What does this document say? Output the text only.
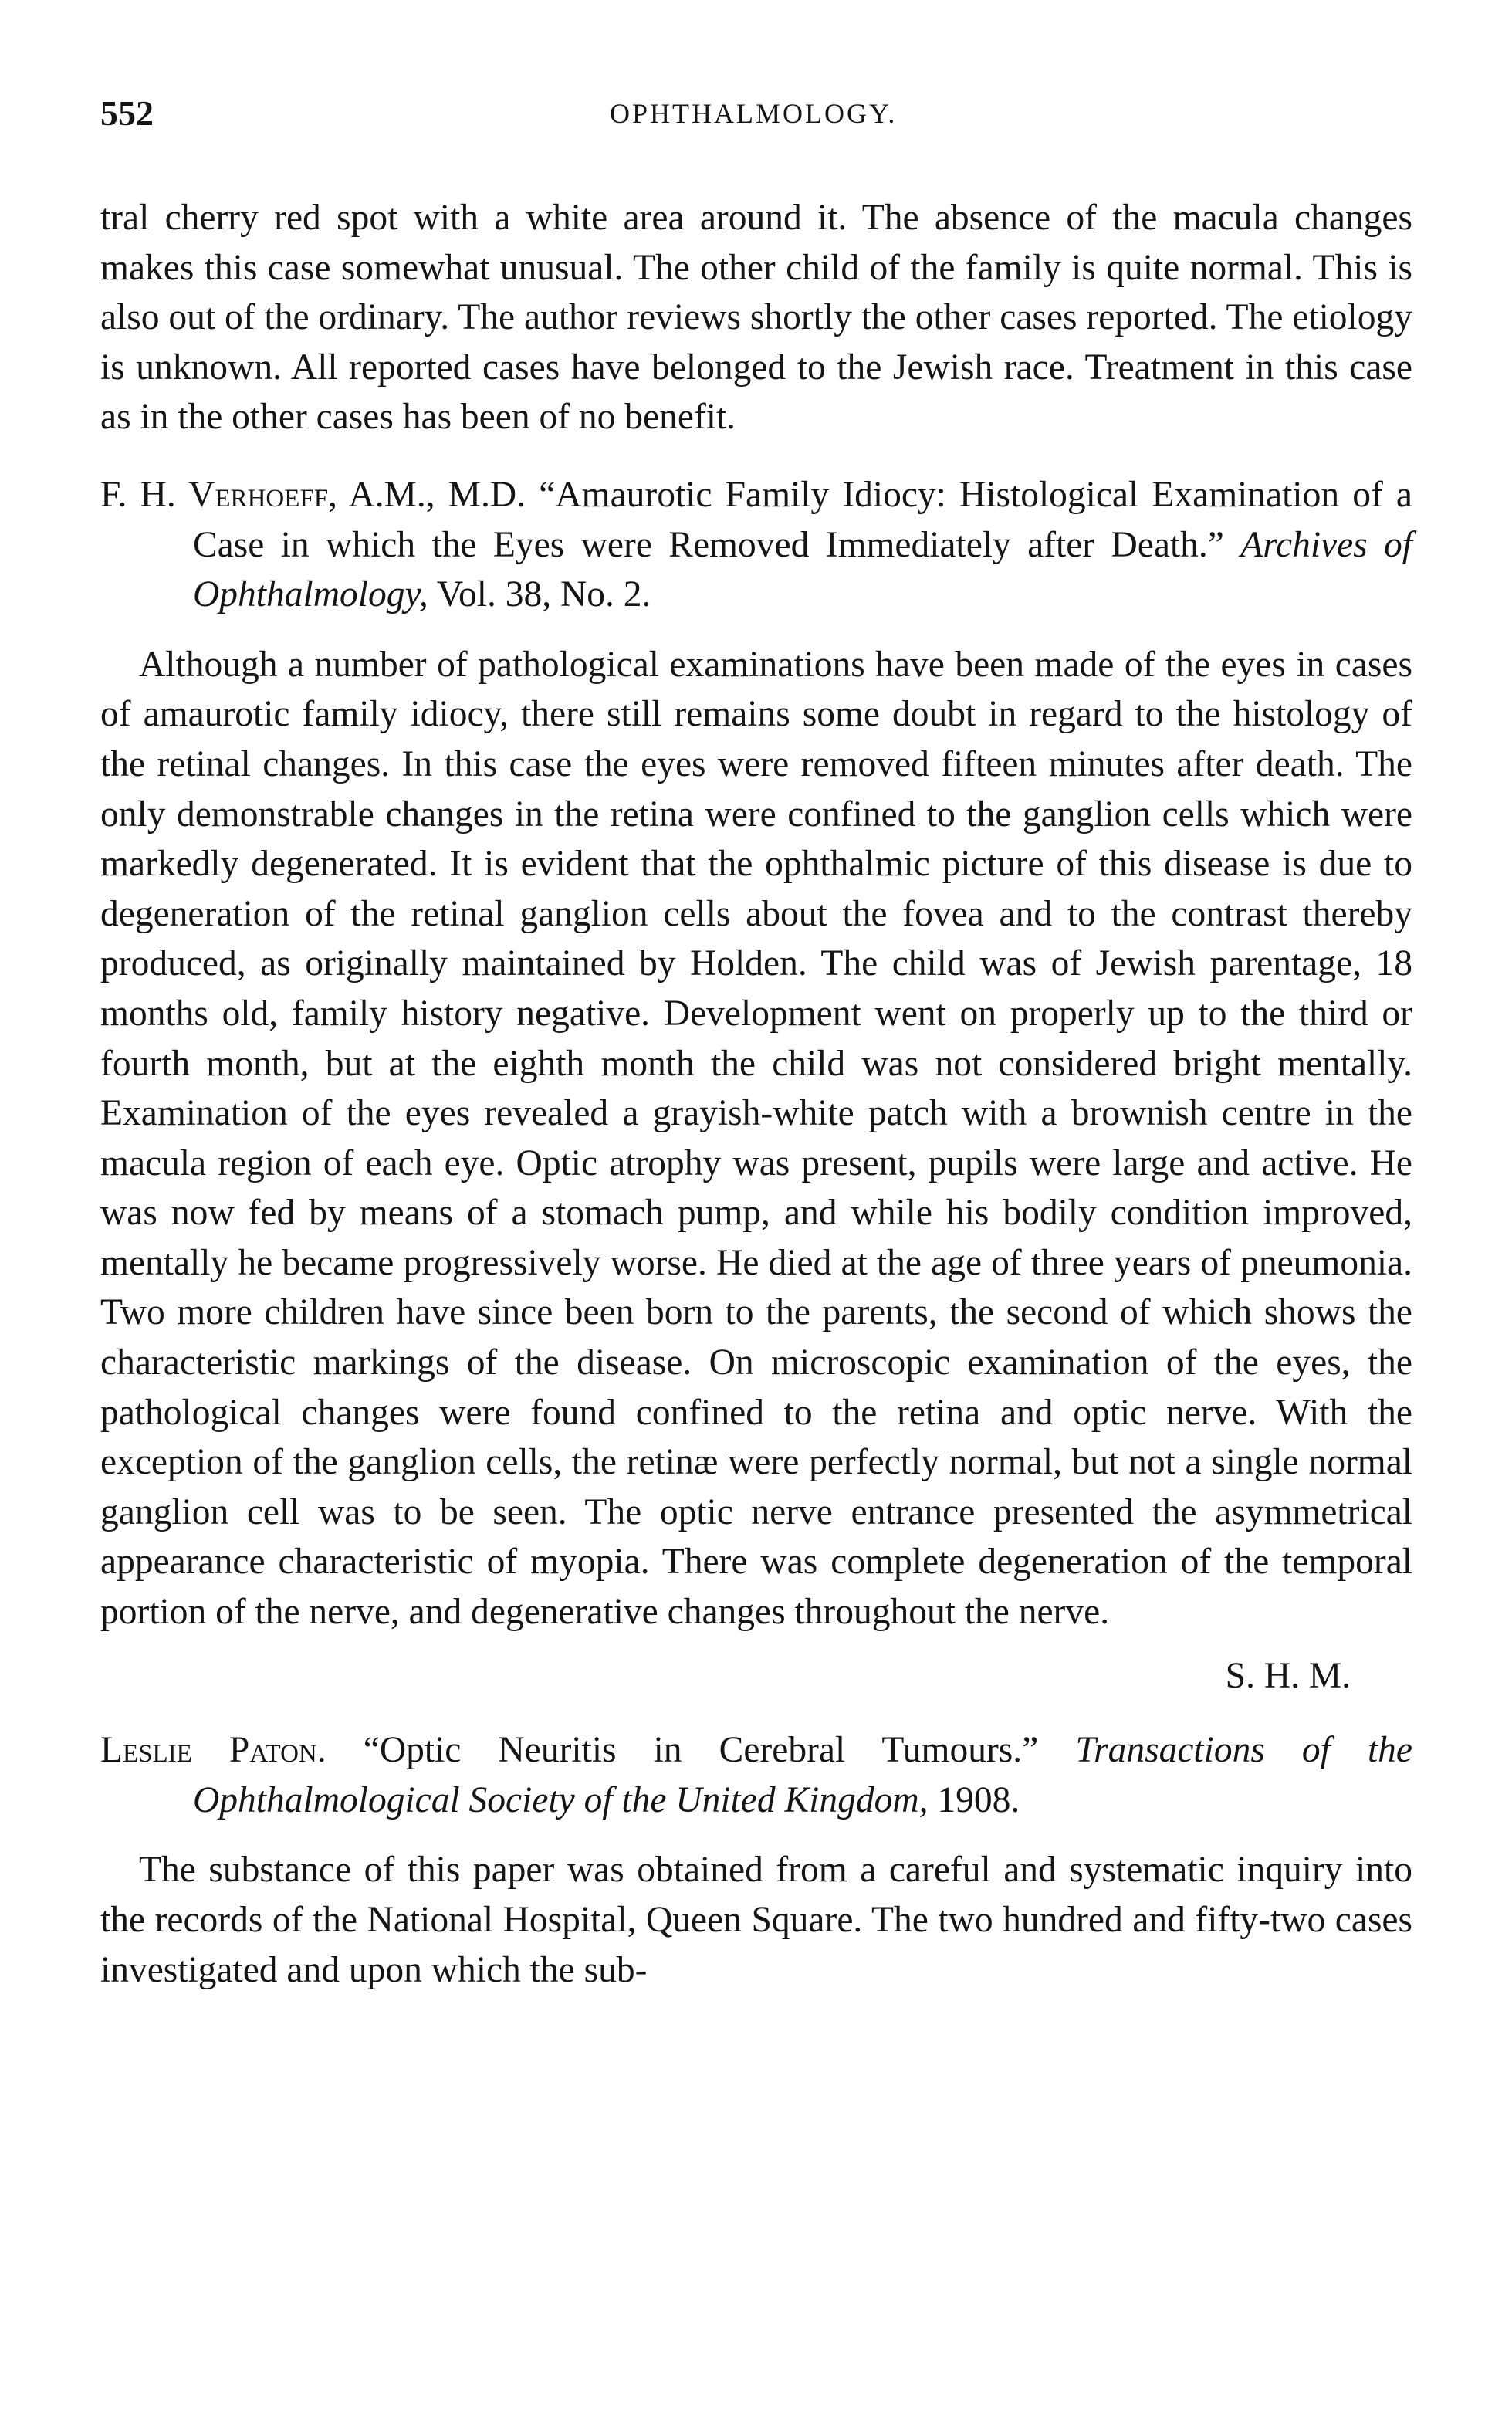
552	OPHTHALMOLOGY.

tral cherry red spot with a white area around it. The absence of the macula changes makes this case somewhat unusual. The other child of the family is quite normal. This is also out of the ordinary. The author reviews shortly the other cases reported. The etiology is unknown. All reported cases have belonged to the Jewish race. Treatment in this case as in the other cases has been of no benefit.

F. H. Verhoeff, A.M., M.D. “Amaurotic Family Idiocy: Histological Examination of a Case in which the Eyes were Removed Immediately after Death.” Archives of Ophthalmology, Vol. 38, No. 2.

Although a number of pathological examinations have been made of the eyes in cases of amaurotic family idiocy, there still remains some doubt in regard to the histology of the retinal changes. In this case the eyes were removed fifteen minutes after death. The only demonstrable changes in the retina were confined to the ganglion cells which were markedly degenerated. It is evident that the ophthalmic picture of this disease is due to degeneration of the retinal ganglion cells about the fovea and to the contrast thereby produced, as originally maintained by Holden. The child was of Jewish parentage, 18 months old, family history negative. Development went on properly up to the third or fourth month, but at the eighth month the child was not considered bright mentally. Examination of the eyes revealed a grayish-white patch with a brownish centre in the macula region of each eye. Optic atrophy was present, pupils were large and active. He was now fed by means of a stomach pump, and while his bodily condition improved, mentally he became progressively worse. He died at the age of three years of pneumonia. Two more children have since been born to the parents, the second of which shows the characteristic markings of the disease. On microscopic examination of the eyes, the pathological changes were found confined to the retina and optic nerve. With the exception of the ganglion cells, the retinæ were perfectly normal, but not a single normal ganglion cell was to be seen. The optic nerve entrance presented the asymmetrical appearance characteristic of myopia. There was complete degeneration of the temporal portion of the nerve, and degenerative changes throughout the nerve.

S. H. M.

Leslie Paton. “Optic Neuritis in Cerebral Tumours.” Transactions of the Ophthalmological Society of the United Kingdom, 1908.

The substance of this paper was obtained from a careful and systematic inquiry into the records of the National Hospital, Queen Square. The two hundred and fifty-two cases investigated and upon which the sub-
